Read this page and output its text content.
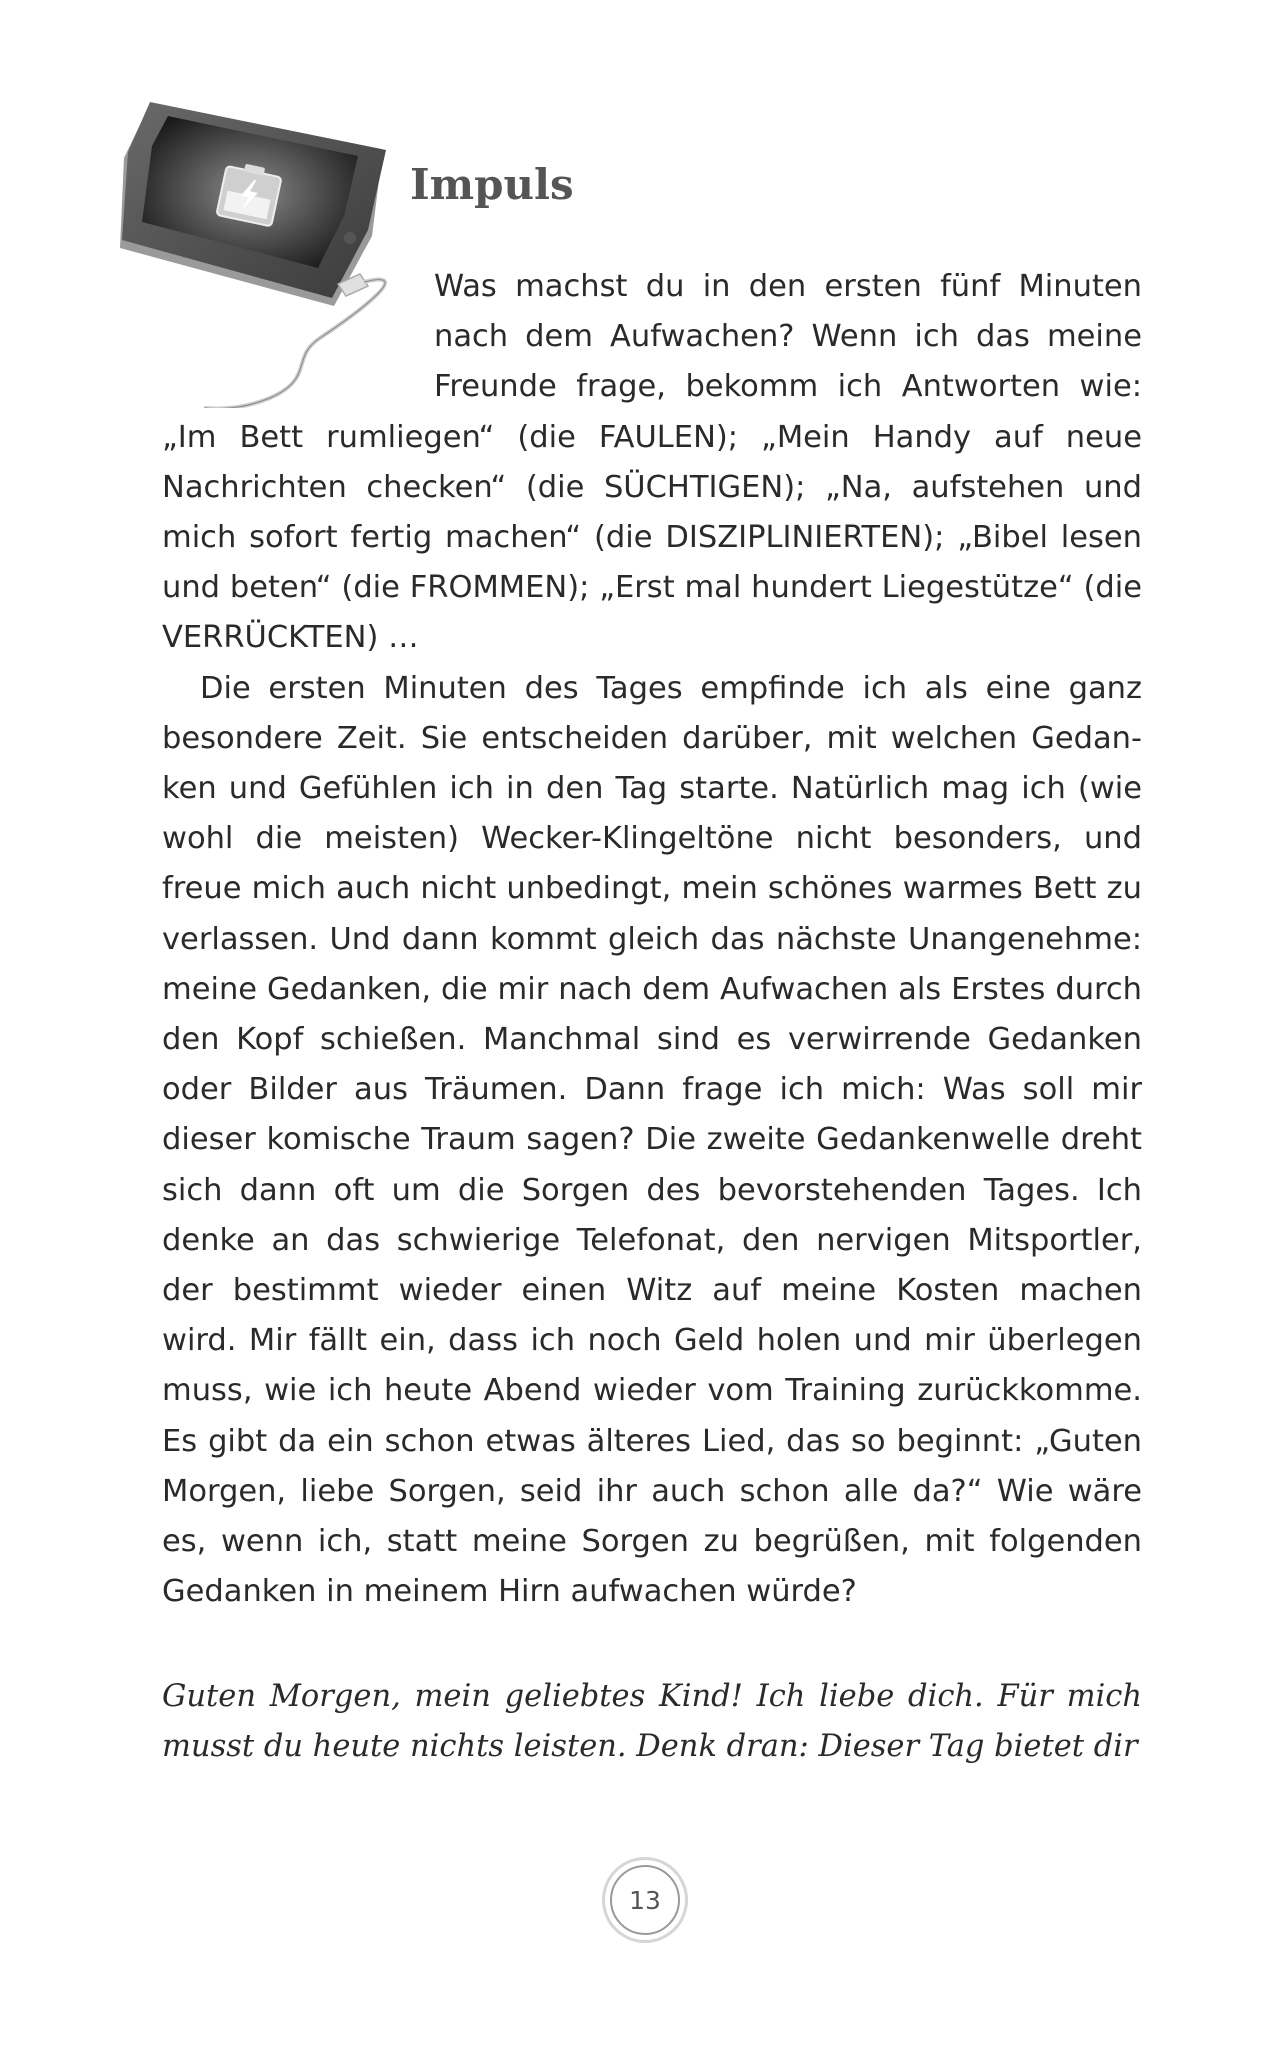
Impuls

Was machst du in den ersten fünf Minuten nach dem Aufwachen? Wenn ich das meine Freunde frage, bekomm ich Antworten wie: „Im Bett rumliegen“ (die FAULEN); „Mein Handy auf neue Nachrichten checken“ (die SÜCHTIGEN); „Na, aufstehen und mich sofort fertig machen“ (die DISZIPLINIERTEN); „Bibel lesen und beten“ (die FROMMEN); „Erst mal hundert Liegestütze“ (die VERRÜCKTEN) …

Die ersten Minuten des Tages empfinde ich als eine ganz besondere Zeit. Sie entscheiden darüber, mit welchen Gedanken und Gefühlen ich in den Tag starte. Natürlich mag ich (wie wohl die meisten) Wecker-Klingeltöne nicht besonders, und freue mich auch nicht unbedingt, mein schönes warmes Bett zu verlassen. Und dann kommt gleich das nächste Unangenehme: meine Gedanken, die mir nach dem Aufwachen als Erstes durch den Kopf schießen. Manchmal sind es verwirrende Gedanken oder Bilder aus Träumen. Dann frage ich mich: Was soll mir dieser komische Traum sagen? Die zweite Gedankenwelle dreht sich dann oft um die Sorgen des bevorstehenden Tages. Ich denke an das schwierige Telefonat, den nervigen Mitsportler, der bestimmt wieder einen Witz auf meine Kosten machen wird. Mir fällt ein, dass ich noch Geld holen und mir überlegen muss, wie ich heute Abend wieder vom Training zurückkomme. Es gibt da ein schon etwas älteres Lied, das so beginnt: „Guten Morgen, liebe Sorgen, seid ihr auch schon alle da?“ Wie wäre es, wenn ich, statt meine Sorgen zu begrüßen, mit folgenden Gedanken in meinem Hirn aufwachen würde?

Guten Morgen, mein geliebtes Kind! Ich liebe dich. Für mich musst du heute nichts leisten. Denk dran: Dieser Tag bietet dir

13
